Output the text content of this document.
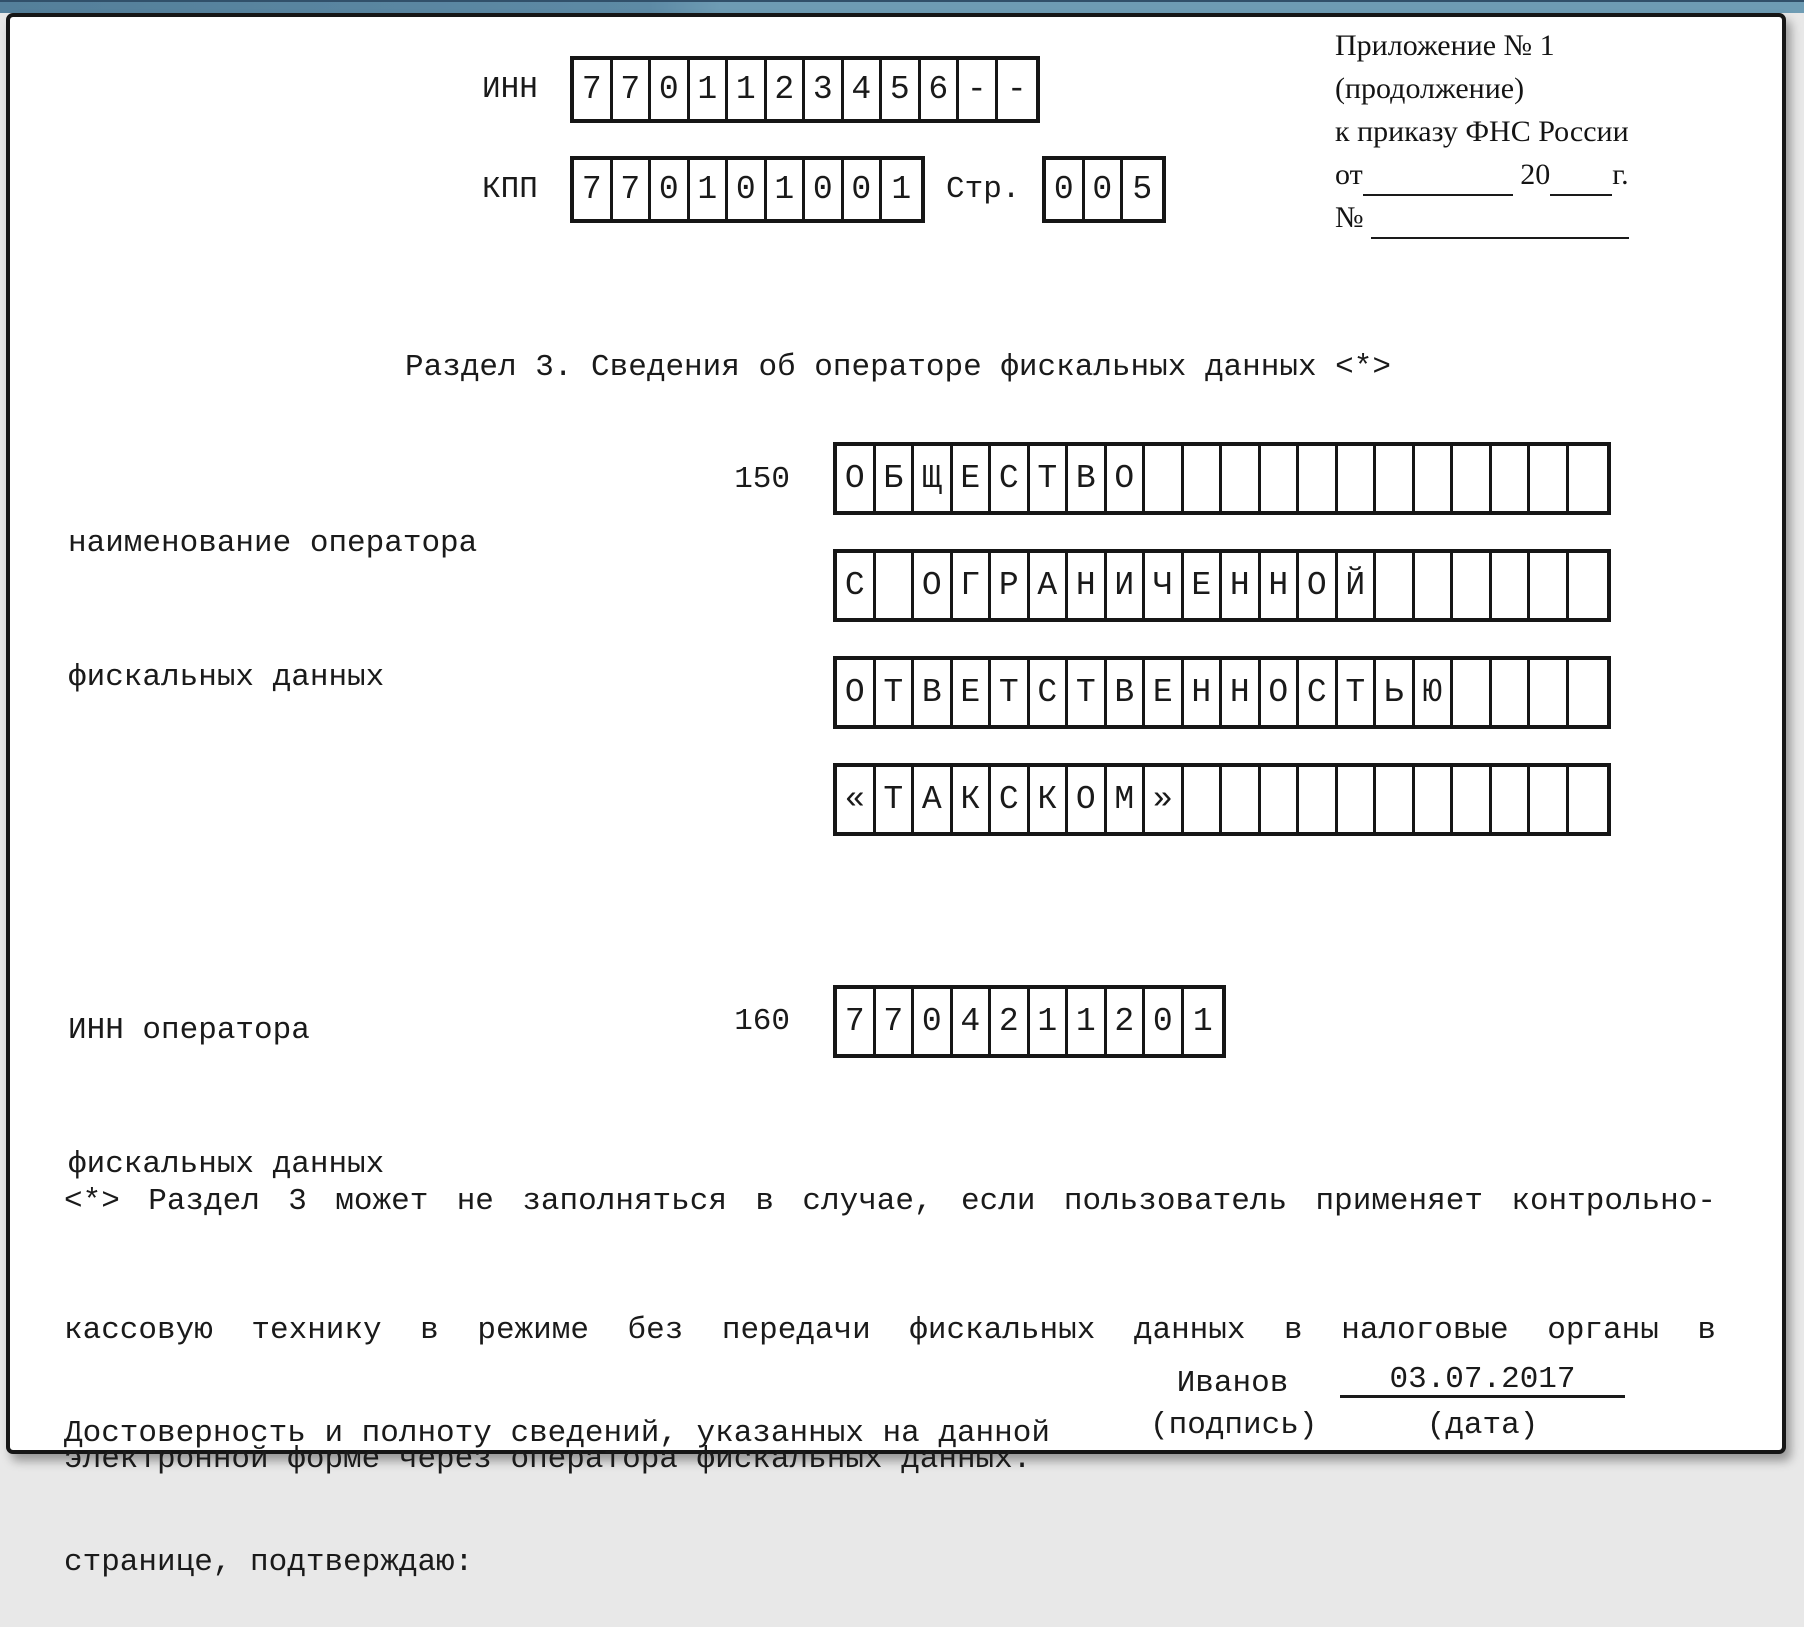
ИНН 7 7 0 1 1 2 3 4 5 6 - -
КПП 7 7 0 1 0 1 0 0 1	Стр. 0 0 5
Приложение № 1
(продолжение)
к приказу ФНС России
от	20 г.
№
Раздел 3. Сведения об операторе фискальных данных <*>

наименование оператора

фискальных данных

150 О Б Щ Е С Т В О
С	О Г Р А Н И Ч Е Н Н О Й
О Т В Е Т С Т В Е Н Н О С Т Ь Ю
« Т А К С К О М »

ИНН оператора

фискальных данных

160 7 7 0 4 2 1 1 2 0 1

<*> Раздел 3 может не заполняться в случае, если пользователь применяет контрольно-

кассовую технику в режиме без передачи фискальных данных в налоговые органы в

электронной форме через оператора фискальных данных.

Достоверность и полноту сведений, указанных на данной

странице, подтверждаю:

Иванов
(подпись)
03.07.2017
(дата)
